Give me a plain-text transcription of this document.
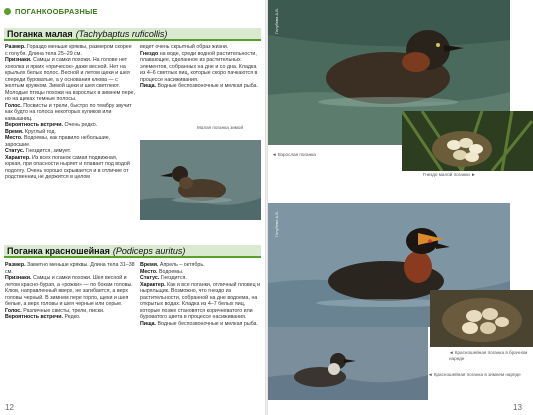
ПОГАНКООБРАЗНЫЕ
Поганка малая (Tachybaptus ruficollis)

Размер. Гораздо меньше кряквы, размером скорее с голубя. Длина тела 25–29 см.

Признаки. Самцы и самки похожи. На голове нет хохолка и ярких «причесок» даже весной. Нет на крыльях белых полос. Весной и летом щеки и шея спереди буроватые, а у основания клюва — с желтым кружком. Зимой щеки и шея светлеют. Молодые птицы похожи на взрослых в зимнем пере, но на щеках темные полосы.

Голос. Посвисты и трели, быстро по тембру звучит как будто на голоса некоторых куликов или камышниц.

Вероятность встречи. Очень редко.

Время. Круглый год.

Место. Водоемы, как правило небольшие, заросшие.

Статус. Гнездится, зимует.

Характер. Из всех поганок самая подвижная, юркая, при опасности ныряет и плавает под водой подолгу. Очень хорошо скрывается и в отличие от родственниц не держится в целом

ведет очень скрытный образ жизни.

Гнездо на воде, среди водной растительности, плавающее, сделанное из растительных элементов, собранных на дне и со дна. Кладка из 4–6 светлых яиц, которые скоро пачкаются в процессе насиживания.

Пища. Водные беспозвоночные и мелкая рыба.

Малая поганка зимой
Поганка красношейная (Podiceps auritus)

Размер. Заметно меньше кряквы. Длина тела 31–38 см.

Признаки. Самцы и самки похожи. Шея весной и летом красно-бурая, а «рожки» — по бокам головы. Клюв, направленный вверх, не загибается, а верх головы черный. В зимнем пере горло, щеки и шея белые, а верх головы и шея черные или серые.

Голос. Различные свисты, трели, писки.

Вероятность встречи. Редко.

Время. Апрель – октябрь.

Место. Водоемы.

Статус. Гнездится.

Характер. Как и все поганки, отличный пловец и ныряльщик. Возможно, что гнездо из растительности, собранной на дне водоема, на открытых водах. Кладка из 4–7 белых яиц, которые позже становятся коричневатого или буроватого цвета в процессе насиживания.

Пища. Водные беспозвоночные и мелкая рыба.

12
Голубева А.В.
◄ Взрослая поганка
Гнездо малой поганки ►
Голубева А.В.
◄ Красношейная поганка в брачном наряде
◄ Красношейная поганка в зимнем наряде
13
